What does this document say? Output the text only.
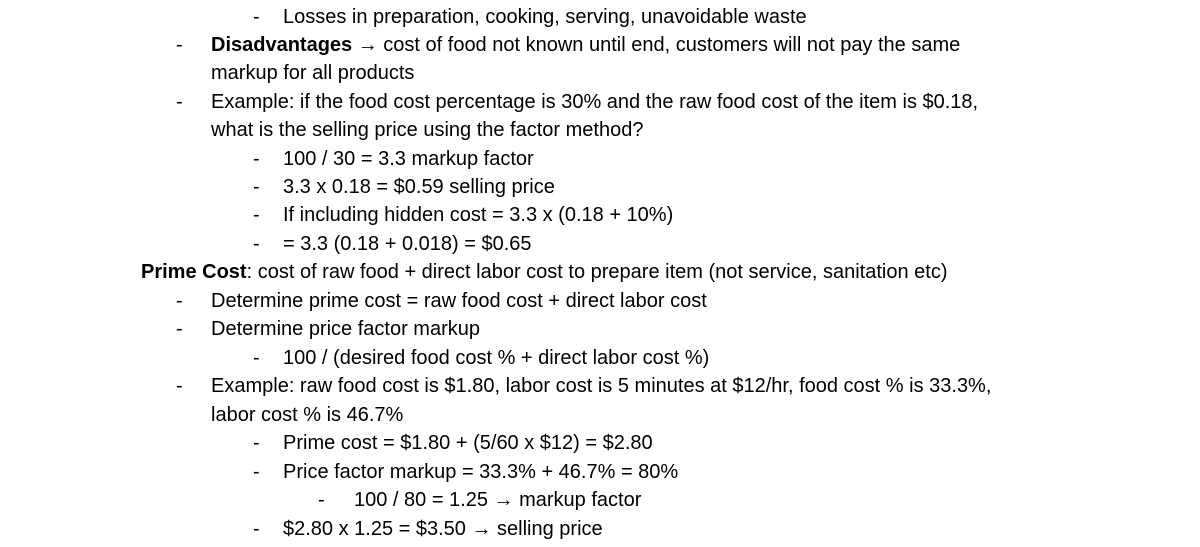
- Losses in preparation, cooking, serving, unavoidable waste
- Disadvantages → cost of food not known until end, customers will not pay the same
markup for all products
- Example: if the food cost percentage is 30% and the raw food cost of the item is $0.18,
what is the selling price using the factor method?
- 100 / 30 = 3.3 markup factor
- 3.3 x 0.18 = $0.59 selling price
- If including hidden cost = 3.3 x (0.18 + 10%)
- = 3.3 (0.18 + 0.018) = $0.65
Prime Cost: cost of raw food + direct labor cost to prepare item (not service, sanitation etc)
- Determine prime cost = raw food cost + direct labor cost
- Determine price factor markup
- 100 / (desired food cost % + direct labor cost %)
- Example: raw food cost is $1.80, labor cost is 5 minutes at $12/hr, food cost % is 33.3%,
labor cost % is 46.7%
- Prime cost = $1.80 + (5/60 x $12) = $2.80
- Price factor markup = 33.3% + 46.7% = 80%
- 100 / 80 = 1.25 → markup factor
- $2.80 x 1.25 = $3.50 → selling price
